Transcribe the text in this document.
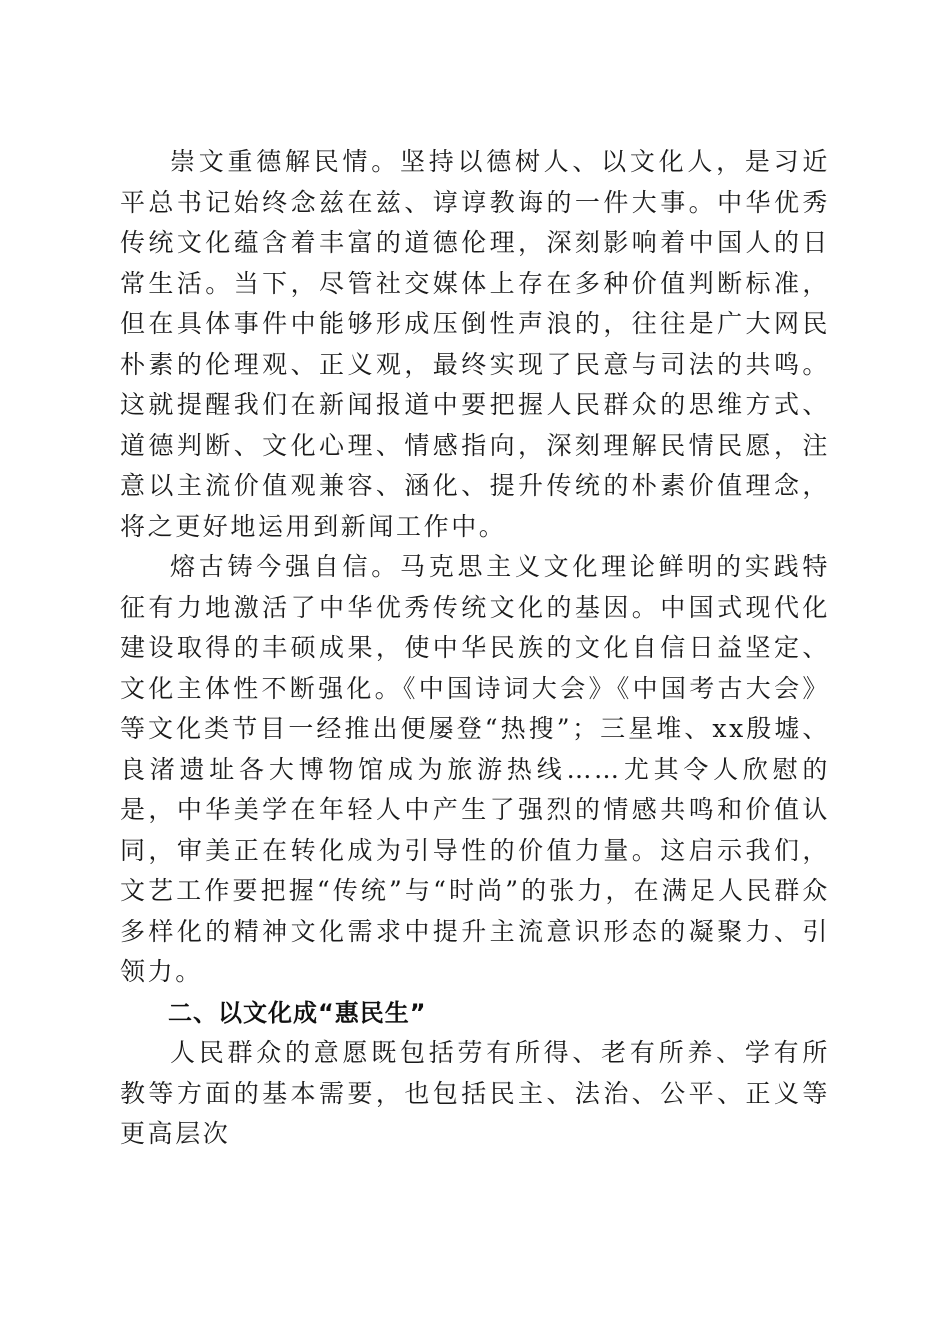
崇文重德解民情。坚持以德树人、以文化人，是习近平总书记始终念兹在兹、谆谆教诲的一件大事。中华优秀传统文化蕴含着丰富的道德伦理，深刻影响着中国人的日常生活。当下，尽管社交媒体上存在多种价值判断标准，但在具体事件中能够形成压倒性声浪的，往往是广大网民朴素的伦理观、正义观，最终实现了民意与司法的共鸣。这就提醒我们在新闻报道中要把握人民群众的思维方式、道德判断、文化心理、情感指向，深刻理解民情民愿，注意以主流价值观兼容、涵化、提升传统的朴素价值理念，将之更好地运用到新闻工作中。

熔古铸今强自信。马克思主义文化理论鲜明的实践特征有力地激活了中华优秀传统文化的基因。中国式现代化建设取得的丰硕成果，使中华民族的文化自信日益坚定、文化主体性不断强化。《中国诗词大会》《中国考古大会》等文化类节目一经推出便屡登“热搜”；三星堆、xx殷墟、良渚遗址各大博物馆成为旅游热线……尤其令人欣慰的是，中华美学在年轻人中产生了强烈的情感共鸣和价值认同，审美正在转化成为引导性的价值力量。这启示我们，文艺工作要把握“传统”与“时尚”的张力，在满足人民群众多样化的精神文化需求中提升主流意识形态的凝聚力、引领力。

二、以文化成“惠民生”

人民群众的意愿既包括劳有所得、老有所养、学有所教等方面的基本需要，也包括民主、法治、公平、正义等更高层次
